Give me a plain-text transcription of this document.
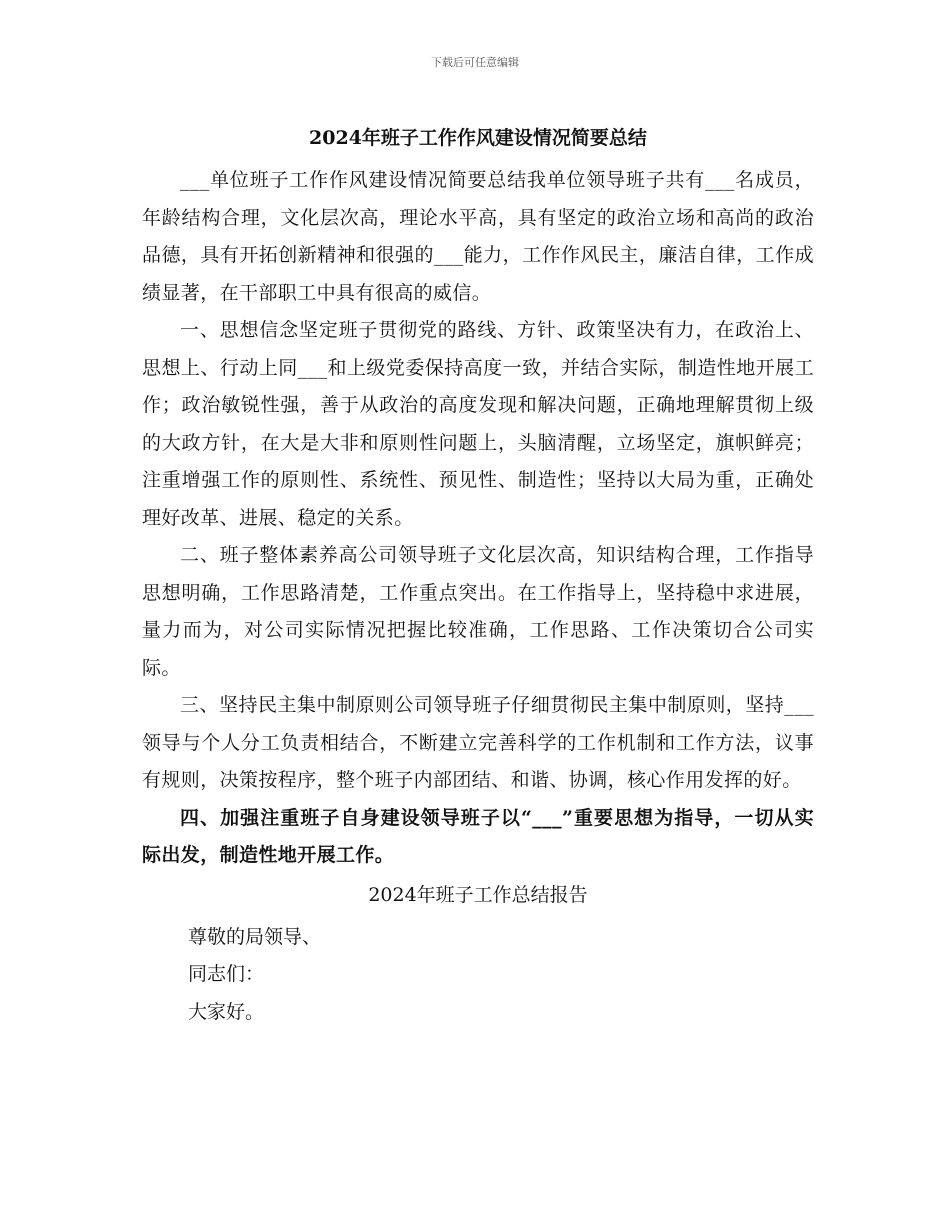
下载后可任意编辑
2024年班子工作作风建设情况简要总结

___单位班子工作作风建设情况简要总结我单位领导班子共有___名成员，年龄结构合理，文化层次高，理论水平高，具有坚定的政治立场和高尚的政治品德，具有开拓创新精神和很强的___能力，工作作风民主，廉洁自律，工作成绩显著，在干部职工中具有很高的威信。

一、思想信念坚定班子贯彻党的路线、方针、政策坚决有力，在政治上、思想上、行动上同___和上级党委保持高度一致，并结合实际，制造性地开展工作；政治敏锐性强，善于从政治的高度发现和解决问题，正确地理解贯彻上级的大政方针，在大是大非和原则性问题上，头脑清醒，立场坚定，旗帜鲜亮；注重增强工作的原则性、系统性、预见性、制造性；坚持以大局为重，正确处理好改革、进展、稳定的关系。

二、班子整体素养高公司领导班子文化层次高，知识结构合理，工作指导思想明确，工作思路清楚，工作重点突出。在工作指导上，坚持稳中求进展，量力而为，对公司实际情况把握比较准确，工作思路、工作决策切合公司实际。

三、坚持民主集中制原则公司领导班子仔细贯彻民主集中制原则，坚持___领导与个人分工负责相结合，不断建立完善科学的工作机制和工作方法，议事有规则，决策按程序，整个班子内部团结、和谐、协调，核心作用发挥的好。

四、加强注重班子自身建设领导班子以“___”重要思想为指导，一切从实际出发，制造性地开展工作。

2024年班子工作总结报告

尊敬的局领导、

同志们：

大家好。
